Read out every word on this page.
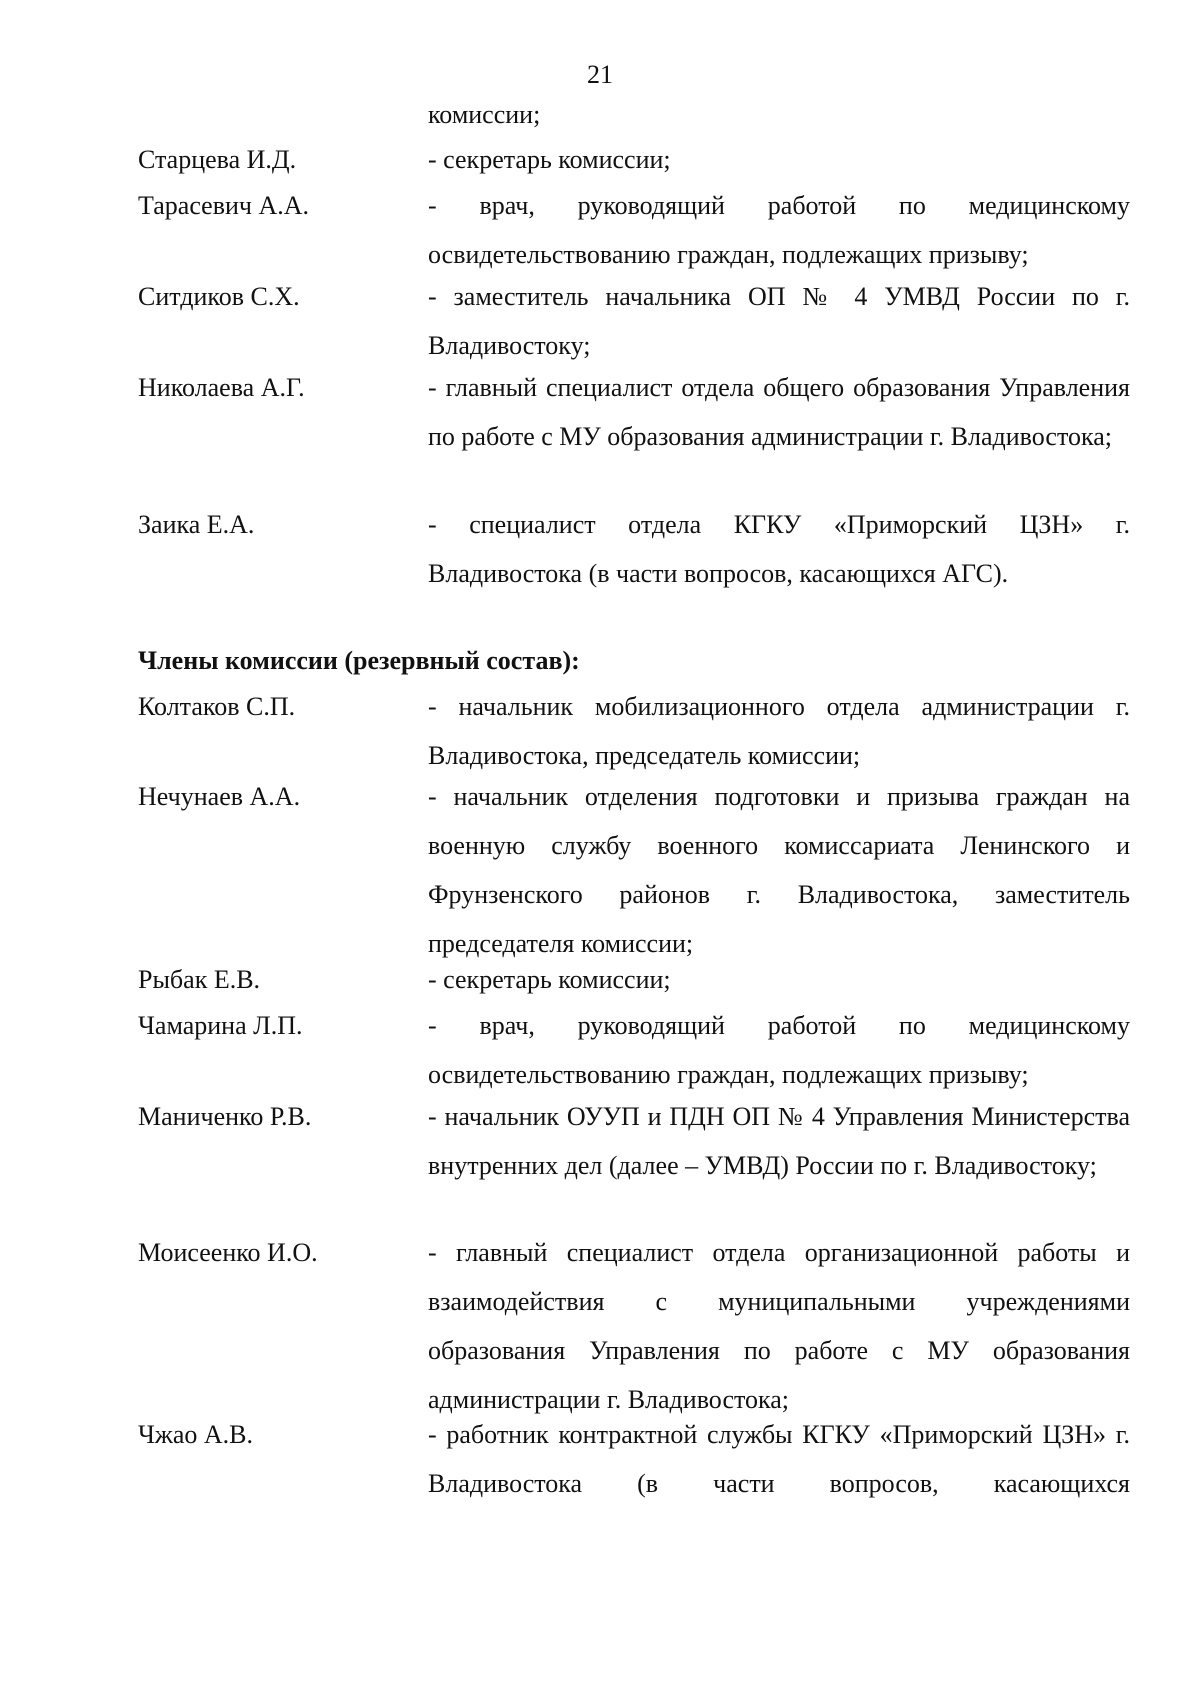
21
комиссии;
Старцева И.Д.	- секретарь комиссии;
Тарасевич А.А.	- врач, руководящий работой по медицинскому освидетельствованию граждан, подлежащих призыву;
Ситдиков С.Х.	- заместитель начальника ОП № 4 УМВД России по г. Владивостоку;
Николаева А.Г.	- главный специалист отдела общего образования Управления по работе с МУ образования администрации г. Владивостока;
Заика Е.А.	- специалист отдела КГКУ «Приморский ЦЗН» г. Владивостока (в части вопросов, касающихся АГС).
Члены комиссии (резервный состав):
Колтаков С.П.	- начальник мобилизационного отдела администрации г. Владивостока, председатель комиссии;
Нечунаев А.А.	- начальник отделения подготовки и призыва граждан на военную службу военного комиссариата Ленинского и Фрунзенского районов г. Владивостока, заместитель председателя комиссии;
Рыбак Е.В.	- секретарь комиссии;
Чамарина Л.П.	- врач, руководящий работой по медицинскому освидетельствованию граждан, подлежащих призыву;
Маниченко Р.В.	- начальник ОУУП и ПДН ОП № 4 Управления Министерства внутренних дел (далее – УМВД) России по г. Владивостоку;
Моисеенко И.О.	- главный специалист отдела организационной работы и взаимодействия с муниципальными учреждениями образования Управления по работе с МУ образования администрации г. Владивостока;
Чжао А.В.	- работник контрактной службы КГКУ «Приморский ЦЗН» г. Владивостока (в части вопросов, касающихся
